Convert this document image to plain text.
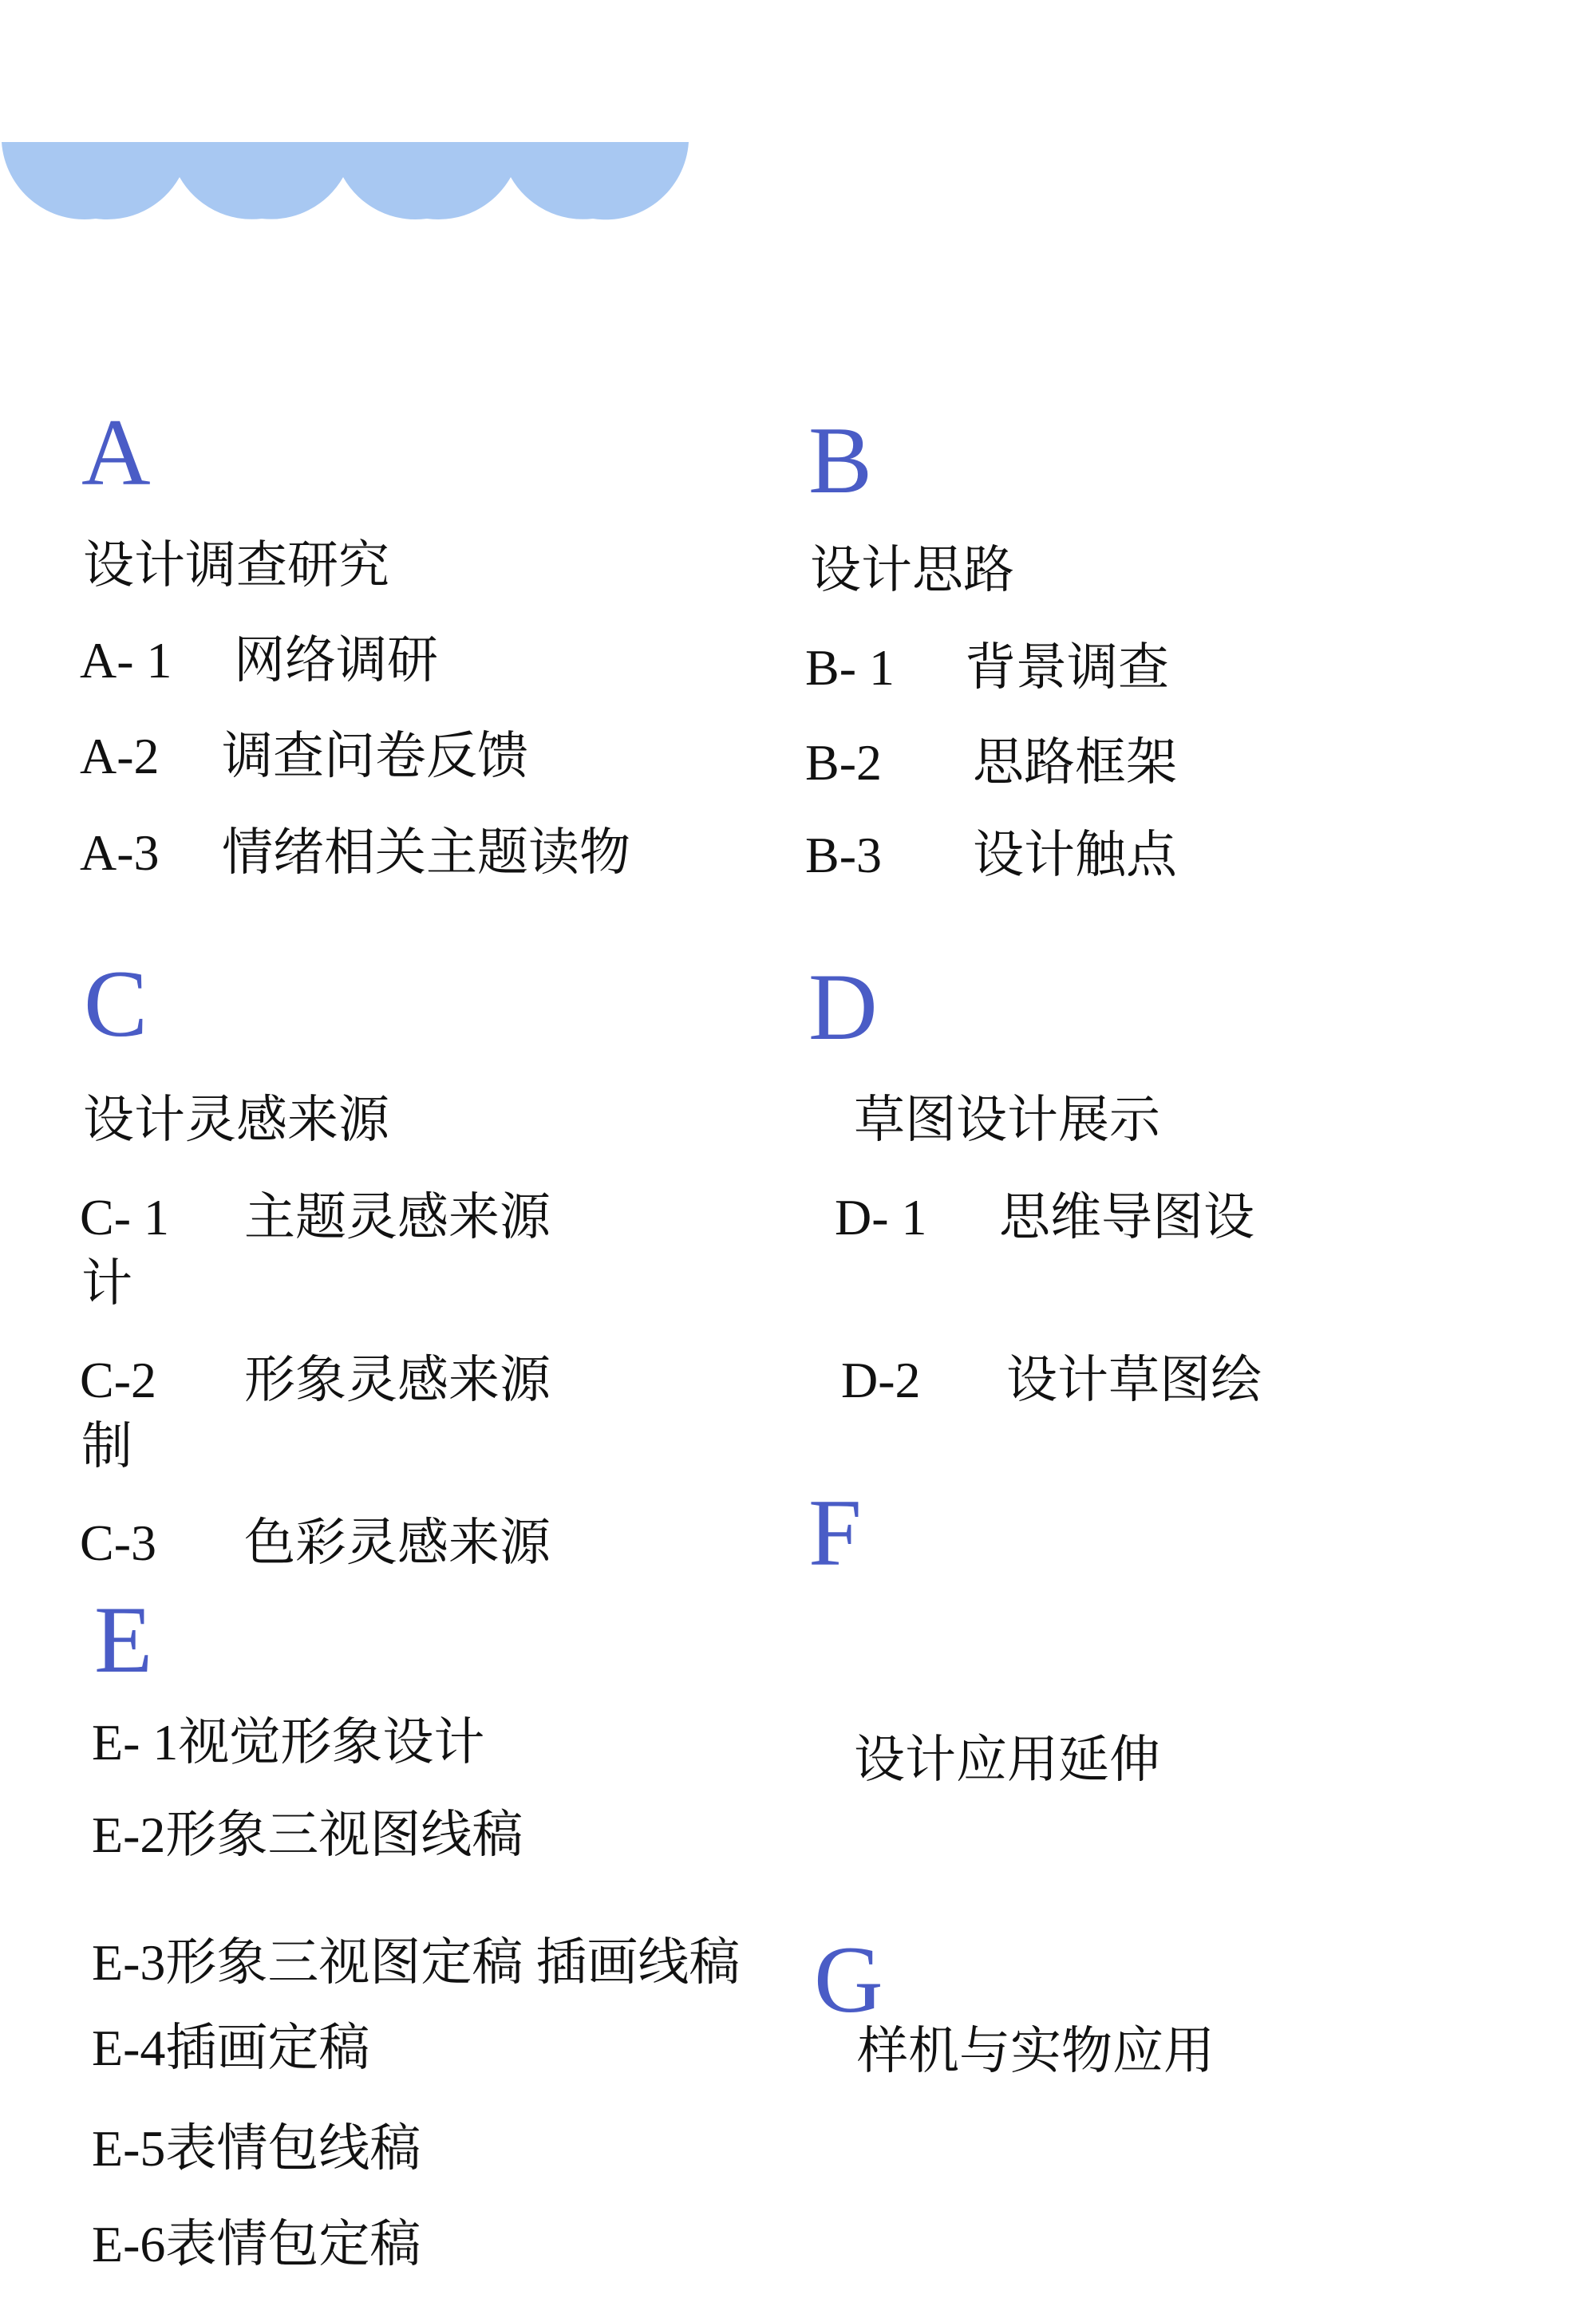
A
设计调查研究
A- 1 网络调研
A-2 调查问卷反馈
A-3 情绪相关主题读物
B
设计思路
B- 1 背景调查
B-2 思路框架
B-3 设计触点
C
设计灵感来源
C- 1 主题灵感来源
计
C-2 形象灵感来源
制
C-3 色彩灵感来源
D
草图设计展示
D- 1 思维导图设
D-2 设计草图绘
F
设计应用延伸
E
E- 1视觉形象设计
E-2形象三视图线稿
E-3形象三视图定稿 插画线稿
E-4插画定稿
E-5表情包线稿
E-6表情包定稿
G
样机与实物应用
